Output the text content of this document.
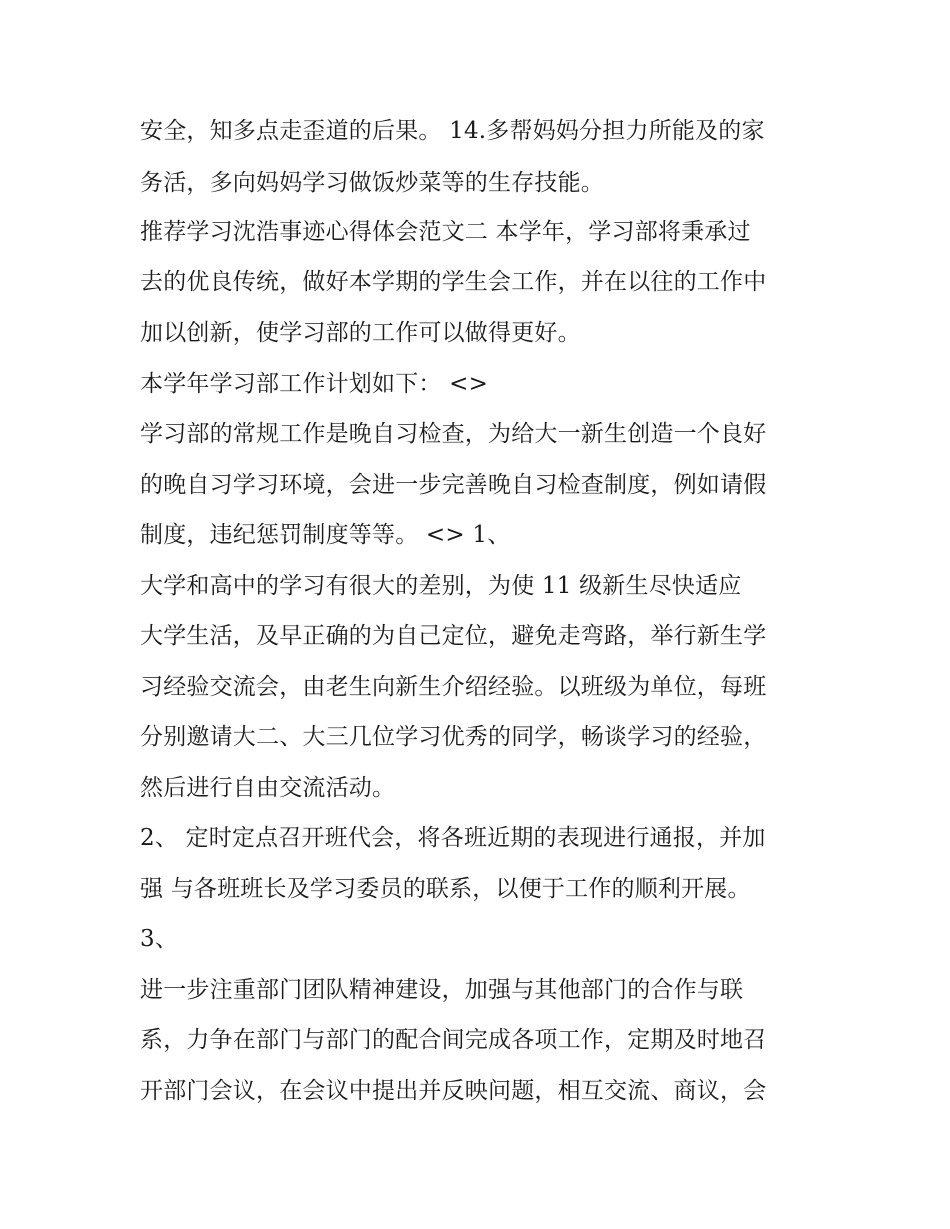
安全，知多点走歪道的后果。 14.多帮妈妈分担力所能及的家
务活，多向妈妈学习做饭炒菜等的生存技能。
推荐学习沈浩事迹心得体会范文二 本学年，学习部将秉承过
去的优良传统，做好本学期的学生会工作，并在以往的工作中
加以创新，使学习部的工作可以做得更好。
本学年学习部工作计划如下： <>
学习部的常规工作是晚自习检查，为给大一新生创造一个良好
的晚自习学习环境，会进一步完善晚自习检查制度，例如请假
制度，违纪惩罚制度等等。 <> 1、
大学和高中的学习有很大的差别，为使 11 级新生尽快适应
大学生活，及早正确的为自己定位，避免走弯路，举行新生学
习经验交流会，由老生向新生介绍经验。以班级为单位，每班
分别邀请大二、大三几位学习优秀的同学，畅谈学习的经验，
然后进行自由交流活动。
2、 定时定点召开班代会，将各班近期的表现进行通报，并加
强 与各班班长及学习委员的联系，以便于工作的顺利开展。
3、
进一步注重部门团队精神建设，加强与其他部门的合作与联
系，力争在部门与部门的配合间完成各项工作，定期及时地召
开部门会议，在会议中提出并反映问题，相互交流、商议，会
